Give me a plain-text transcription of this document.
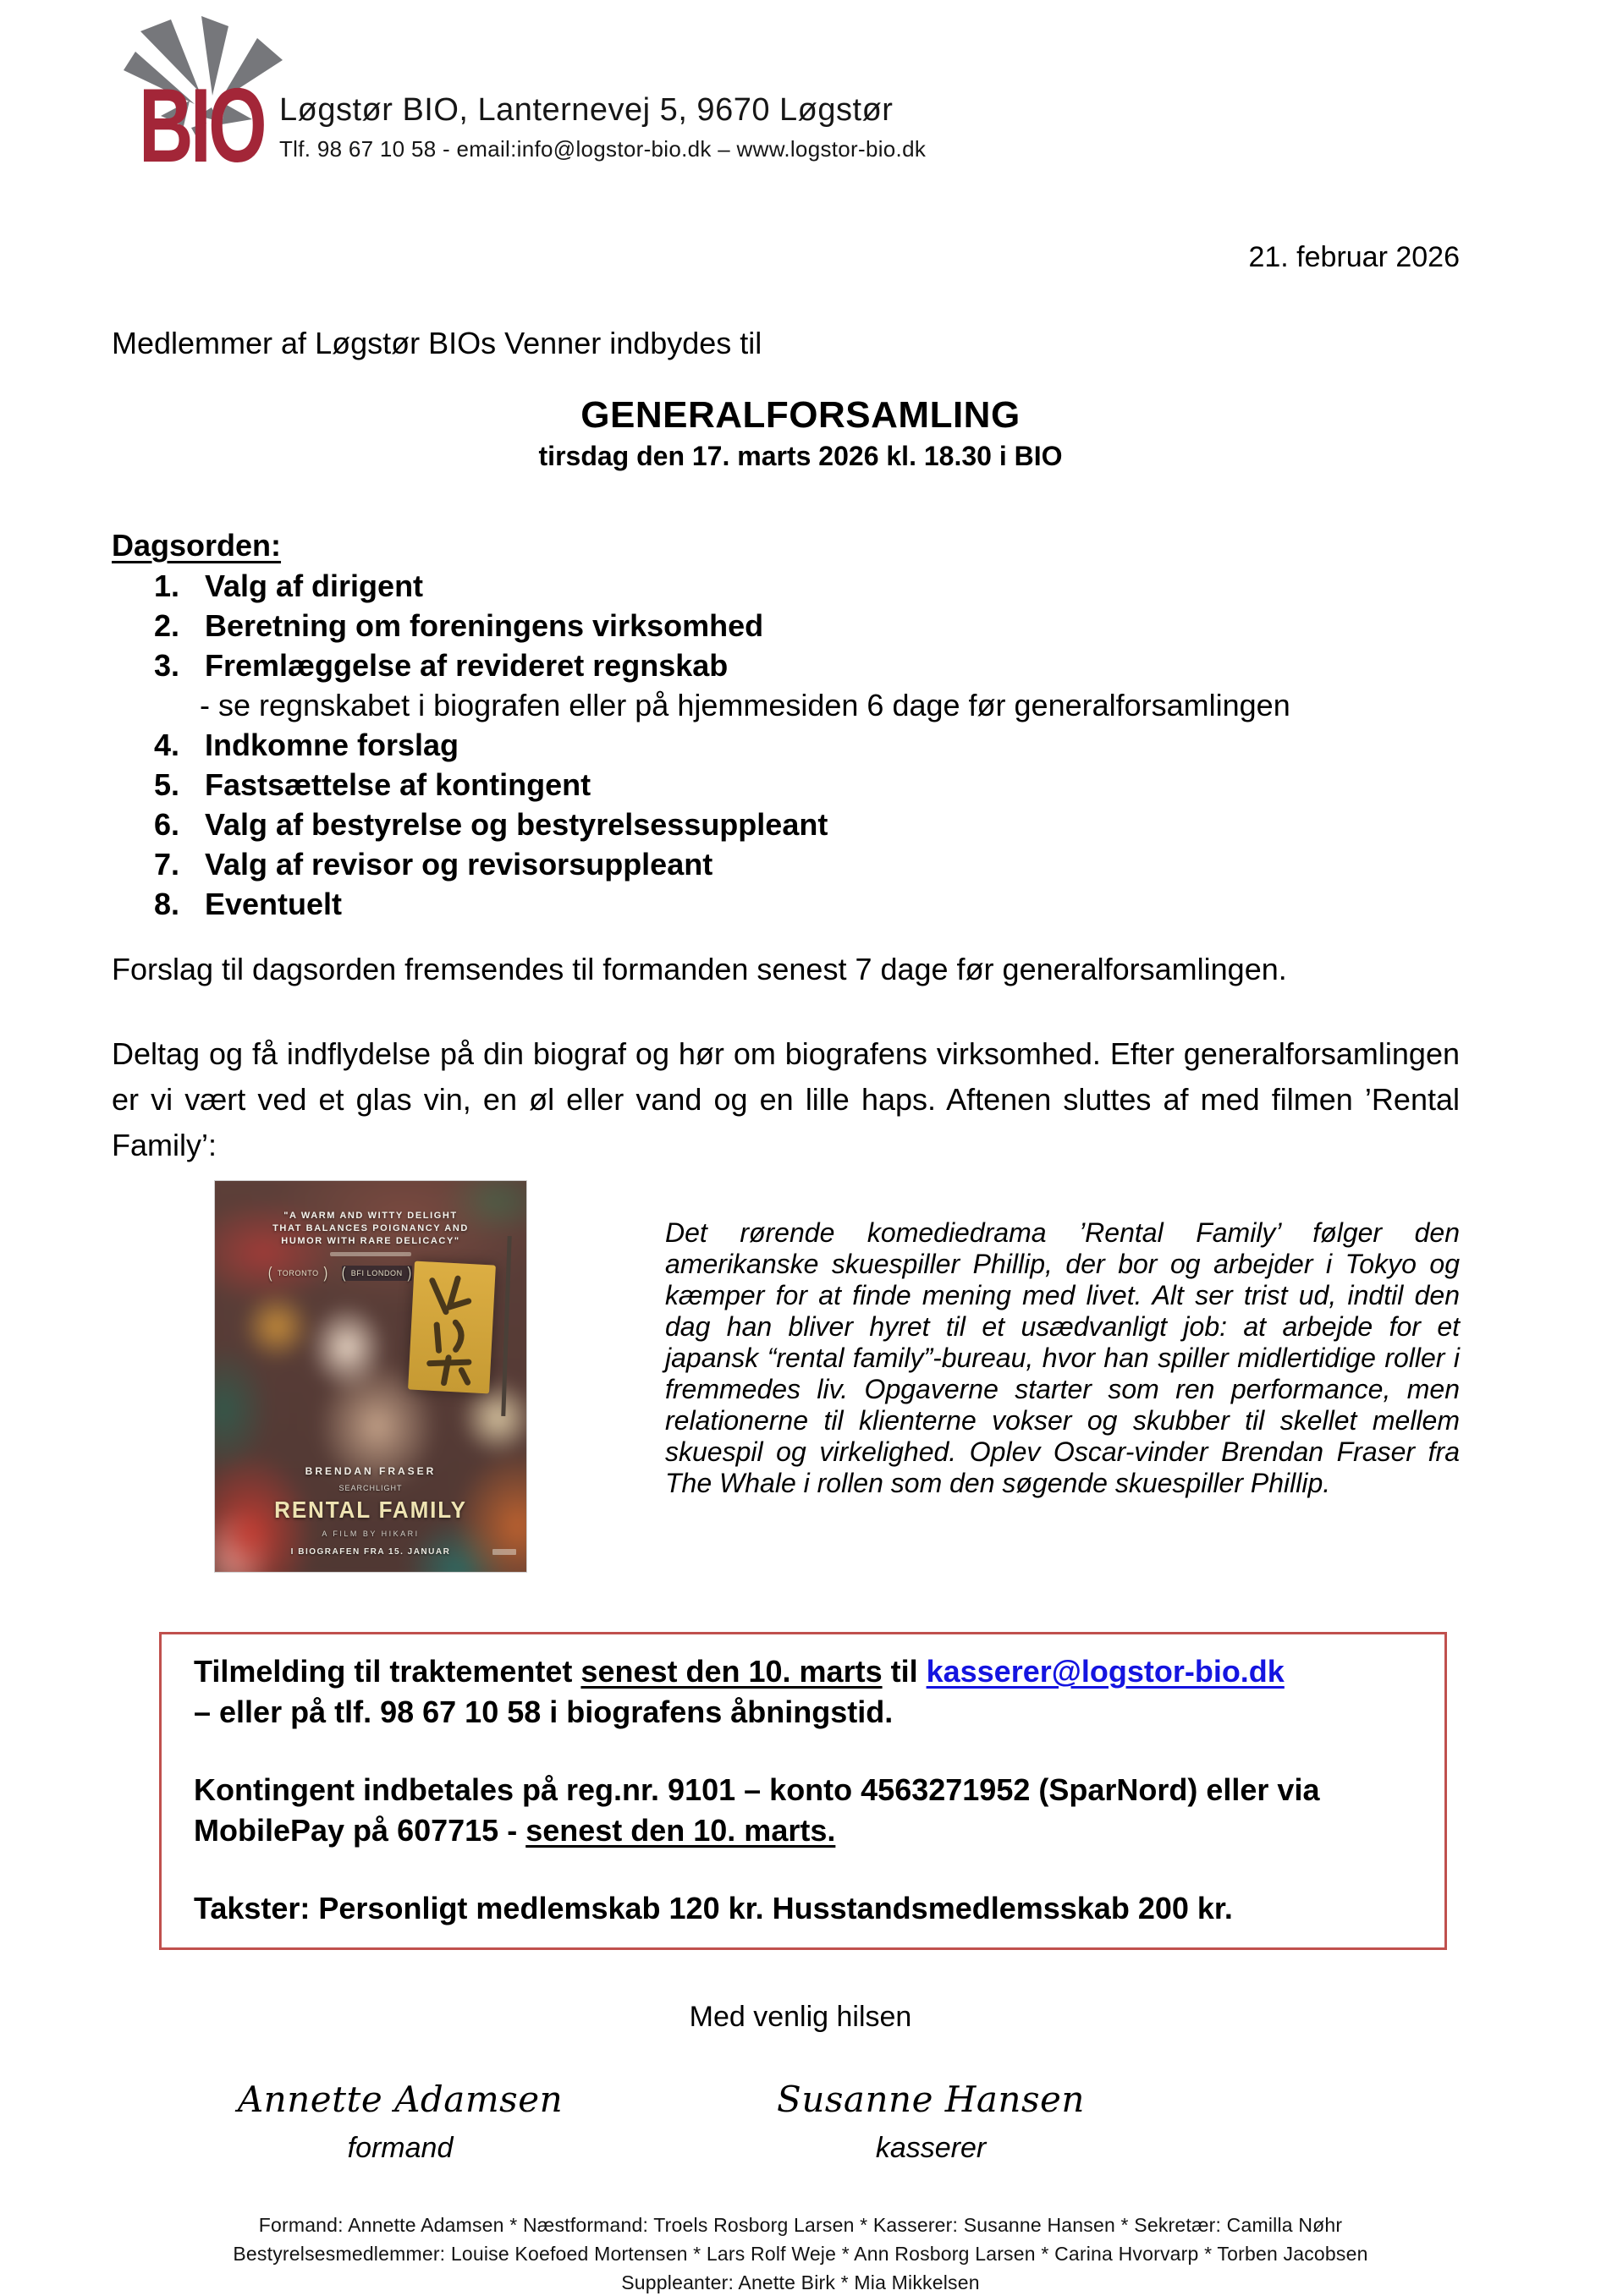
BIO Løgstør BIO, Lanternevej 5, 9670 Løgstør
Tlf. 98 67 10 58 - email:info@logstor-bio.dk – www.logstor-bio.dk
21. februar 2026
Medlemmer af Løgstør BIOs Venner indbydes til
GENERALFORSAMLING
tirsdag den 17. marts 2026 kl. 18.30 i BIO
Dagsorden:
1. Valg af dirigent
2. Beretning om foreningens virksomhed
3. Fremlæggelse af revideret regnskab
- se regnskabet i biografen eller på hjemmesiden 6 dage før generalforsamlingen
4. Indkomne forslag
5. Fastsættelse af kontingent
6. Valg af bestyrelse og bestyrelsessuppleant
7. Valg af revisor og revisorsuppleant
8. Eventuelt
Forslag til dagsorden fremsendes til formanden senest 7 dage før generalforsamlingen.
Deltag og få indflydelse på din biograf og hør om biografens virksomhed. Efter generalforsamlingen er vi vært ved et glas vin, en øl eller vand og en lille haps. Aftenen sluttes af med filmen ’Rental Family’:
"A WARM AND WITTY DELIGHT
THAT BALANCES POIGNANCY AND
HUMOR WITH RARE DELICACY"
( TORONTO )	( BFI LONDON )
( )
BRENDAN FRASER
SEARCHLIGHT
RENTAL FAMILY
A FILM BY HIKARI
I BIOGRAFEN FRA 15. JANUAR
Det rørende komediedrama ’Rental Family’ følger den amerikanske skuespiller Phillip, der bor og arbejder i Tokyo og kæmper for at finde mening med livet. Alt ser trist ud, indtil den dag han bliver hyret til et usædvanligt job: at arbejde for et japansk “rental family”-bureau, hvor han spiller midlertidige roller i fremmedes liv. Opgaverne starter som ren performance, men relationerne til klienterne vokser og skubber til skellet mellem skuespil og virkelighed. Oplev Oscar-vinder Brendan Fraser fra The Whale i rollen som den søgende skuespiller Phillip.
Tilmelding til traktementet senest den 10. marts til kasserer@logstor-bio.dk
– eller på tlf. 98 67 10 58 i biografens åbningstid.
Kontingent indbetales på reg.nr. 9101 – konto 4563271952 (SparNord) eller via MobilePay på 607715 - senest den 10. marts.
Takster: Personligt medlemskab 120 kr. Husstandsmedlemsskab 200 kr.
Med venlig hilsen
Annette Adamsen
formand
Susanne Hansen
kasserer
Formand: Annette Adamsen * Næstformand: Troels Rosborg Larsen * Kasserer: Susanne Hansen * Sekretær: Camilla Nøhr
Bestyrelsesmedlemmer: Louise Koefoed Mortensen * Lars Rolf Weje * Ann Rosborg Larsen * Carina Hvorvarp * Torben Jacobsen
Suppleanter: Anette Birk * Mia Mikkelsen
